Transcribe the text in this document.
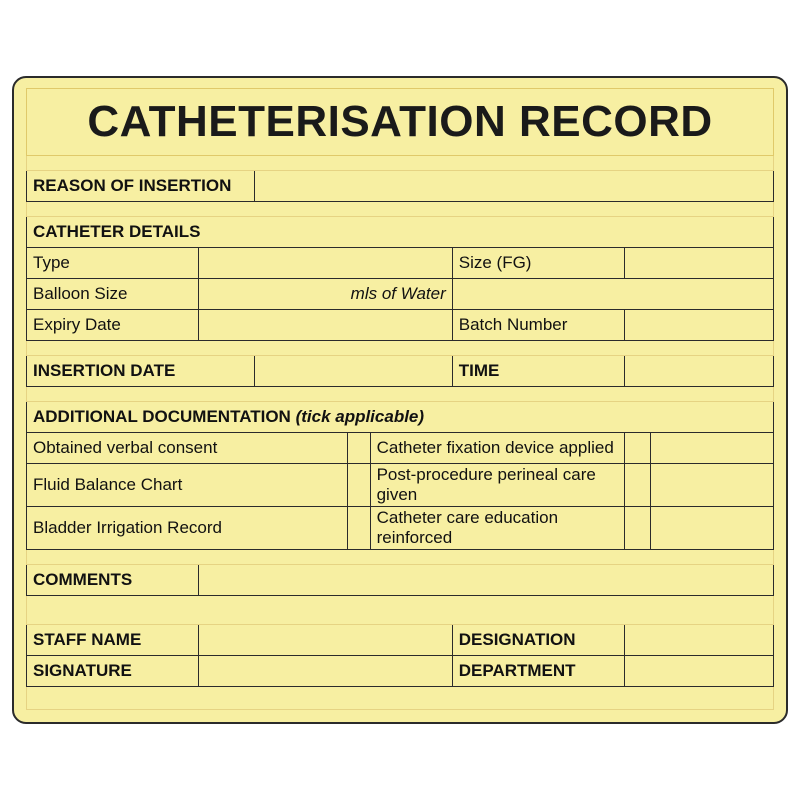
CATHETERISATION RECORD							

REASON OF INSERTION							

CATHETER DETAILS							
Type					Size (FG)		
Balloon Size	mls of Water						
Expiry Date					Batch Number		

INSERTION DATE					TIME		

ADDITIONAL DOCUMENTATION (tick applicable)							
Obtained verbal consent				Catheter fixation device applied			
Fluid Balance Chart				Post-procedure perineal care given			
Bladder Irrigation Record				Catheter care education reinforced			

COMMENTS							

STAFF NAME					DESIGNATION		
SIGNATURE					DEPARTMENT		
